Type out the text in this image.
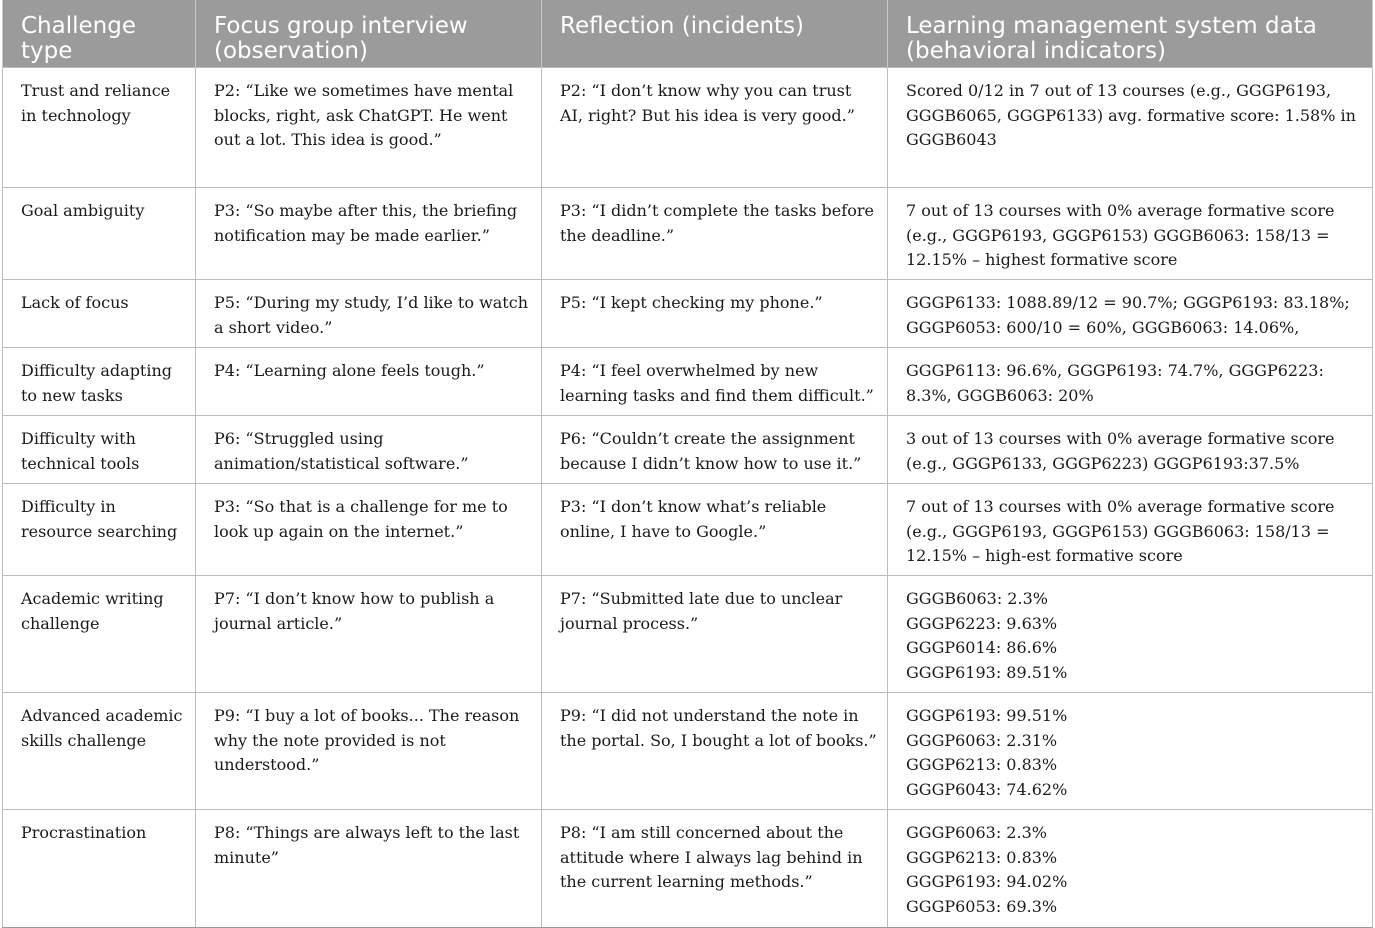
Challenge type	Focus group interview (observation)	Reflection (incidents)	Learning management system data (behavioral indicators)
Trust and reliance in technology	P2: “Like we sometimes have mental blocks, right, ask ChatGPT. He went out a lot. This idea is good.”	P2: “I don’t know why you can trust AI, right? But his idea is very good.”	Scored 0/12 in 7 out of 13 courses (e.g., GGGP6193, GGGB6065, GGGP6133) avg. formative score: 1.58% in GGGB6043

Goal ambiguity	P3: “So maybe after this, the briefing notification may be made earlier.”	P3: “I didn’t complete the tasks before the deadline.”	7 out of 13 courses with 0% average formative score (e.g., GGGP6193, GGGP6153) GGGB6063: 158/13 = 12.15% – highest formative score

Lack of focus	P5: “During my study, I’d like to watch a short video.”	P5: “I kept checking my phone.”	GGGP6133: 1088.89/12 = 90.7%; GGGP6193: 83.18%; GGGP6053: 600/10 = 60%, GGGB6063: 14.06%,

Difficulty adapting to new tasks	P4: “Learning alone feels tough.”	P4: “I feel overwhelmed by new learning tasks and find them difficult.”	GGGP6113: 96.6%, GGGP6193: 74.7%, GGGP6223: 8.3%, GGGB6063: 20%

Difficulty with technical tools	P6: “Struggled using animation/statistical software.”	P6: “Couldn’t create the assignment because I didn’t know how to use it.”	3 out of 13 courses with 0% average formative score (e.g., GGGP6133, GGGP6223) GGGP6193:37.5%

Difficulty in resource searching	P3: “So that is a challenge for me to look up again on the internet.”	P3: “I don’t know what’s reliable online, I have to Google.”	7 out of 13 courses with 0% average formative score (e.g., GGGP6193, GGGP6153) GGGB6063: 158/13 = 12.15% – high-est formative score

Academic writing challenge	P7: “I don’t know how to publish a journal article.”	P7: “Submitted late due to unclear journal process.”	GGGB6063: 2.3%
GGGP6223: 9.63%
GGGP6014: 86.6%
GGGP6193: 89.51%

Advanced academic skills challenge	P9: “I buy a lot of books... The reason why the note provided is not understood.”	P9: “I did not understand the note in the portal. So, I bought a lot of books.”	GGGP6193: 99.51%
GGGP6063: 2.31%
GGGP6213: 0.83%
GGGP6043: 74.62%

Procrastination	P8: “Things are always left to the last minute”	P8: “I am still concerned about the attitude where I always lag behind in the current learning methods.”	GGGP6063: 2.3%
GGGP6213: 0.83%
GGGP6193: 94.02%
GGGP6053: 69.3%
